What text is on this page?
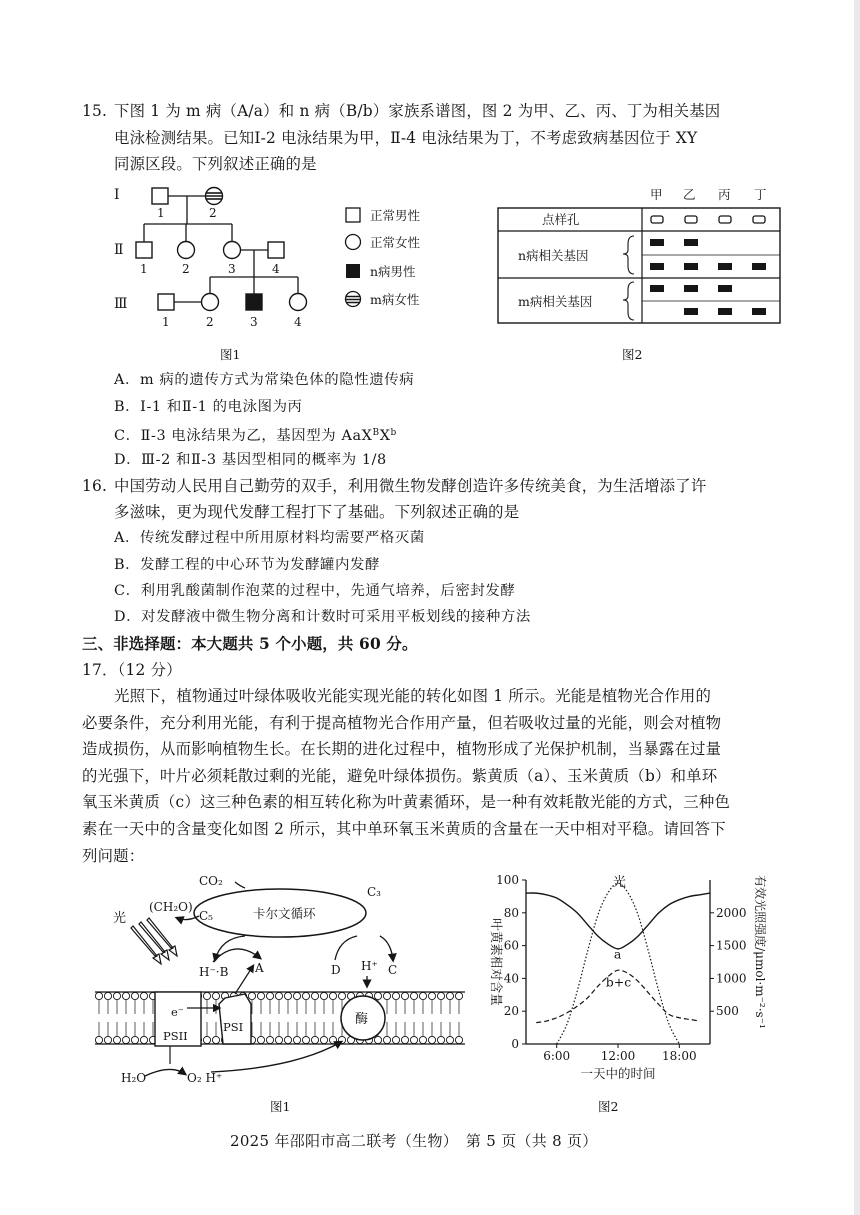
15. 下图 1 为 m 病（A/a）和 n 病（B/b）家族系谱图，图 2 为甲、乙、丙、丁为相关基因
电泳检测结果。已知Ⅰ-2 电泳结果为甲，Ⅱ-4 电泳结果为丁，不考虑致病基因位于 XY
同源区段。下列叙述正确的是
Ⅰ
Ⅱ
Ⅲ
1	2
1	2	3	4
1	2	3	4
正常男性
正常女性
n病男性
m病女性
图1
甲 乙 丙 丁
点样孔
n病相关基因
m病相关基因
图2
A．m 病的遗传方式为常染色体的隐性遗传病
B．Ⅰ-1 和Ⅱ-1 的电泳图为丙
C．Ⅱ-3 电泳结果为乙，基因型为 $AaX^BX^b$
D．Ⅲ-2 和Ⅱ-3 基因型相同的概率为 1/8
16. 中国劳动人民用自己勤劳的双手，利用微生物发酵创造许多传统美食，为生活增添了许
多滋味，更为现代发酵工程打下了基础。下列叙述正确的是
A．传统发酵过程中所用原材料均需要严格灭菌
B．发酵工程的中心环节为发酵罐内发酵
C．利用乳酸菌制作泡菜的过程中，先通气培养，后密封发酵
D．对发酵液中微生物分离和计数时可采用平板划线的接种方法
三、非选择题：本大题共 5 个小题，共 60 分。
17．（12 分）
光照下，植物通过叶绿体吸收光能实现光能的转化如图 1 所示。光能是植物光合作用的
必要条件，充分利用光能，有利于提高植物光合作用产量，但若吸收过量的光能，则会对植物
造成损伤，从而影响植物生长。在长期的进化过程中，植物形成了光保护机制，当暴露在过量
的光强下，叶片必须耗散过剩的光能，避免叶绿体损伤。紫黄质（a）、玉米黄质（b）和单环
氧玉米黄质（c）这三种色素的相互转化称为叶黄素循环，是一种有效耗散光能的方式，三种色
素在一天中的含量变化如图 2 所示，其中单环氧玉米黄质的含量在一天中相对平稳。请回答下
列问题：
卡尔文循环
CO₂
C₃
C₅
(CH₂O)
光
H⁻·B A	D H⁺ C
e⁻
PSII
PSI	酶
H₂O	O₂ H⁺
图1
0
20
40
60
80
100
500
1000
1500
2000
6:00	12:00 18:00
一天中的时间
叶黄素相对含量	有效光照强度/μmol·m⁻²·s⁻¹
光
a
b+c
图2
2025 年邵阳市高二联考（生物）　第 5 页（共 8 页）
